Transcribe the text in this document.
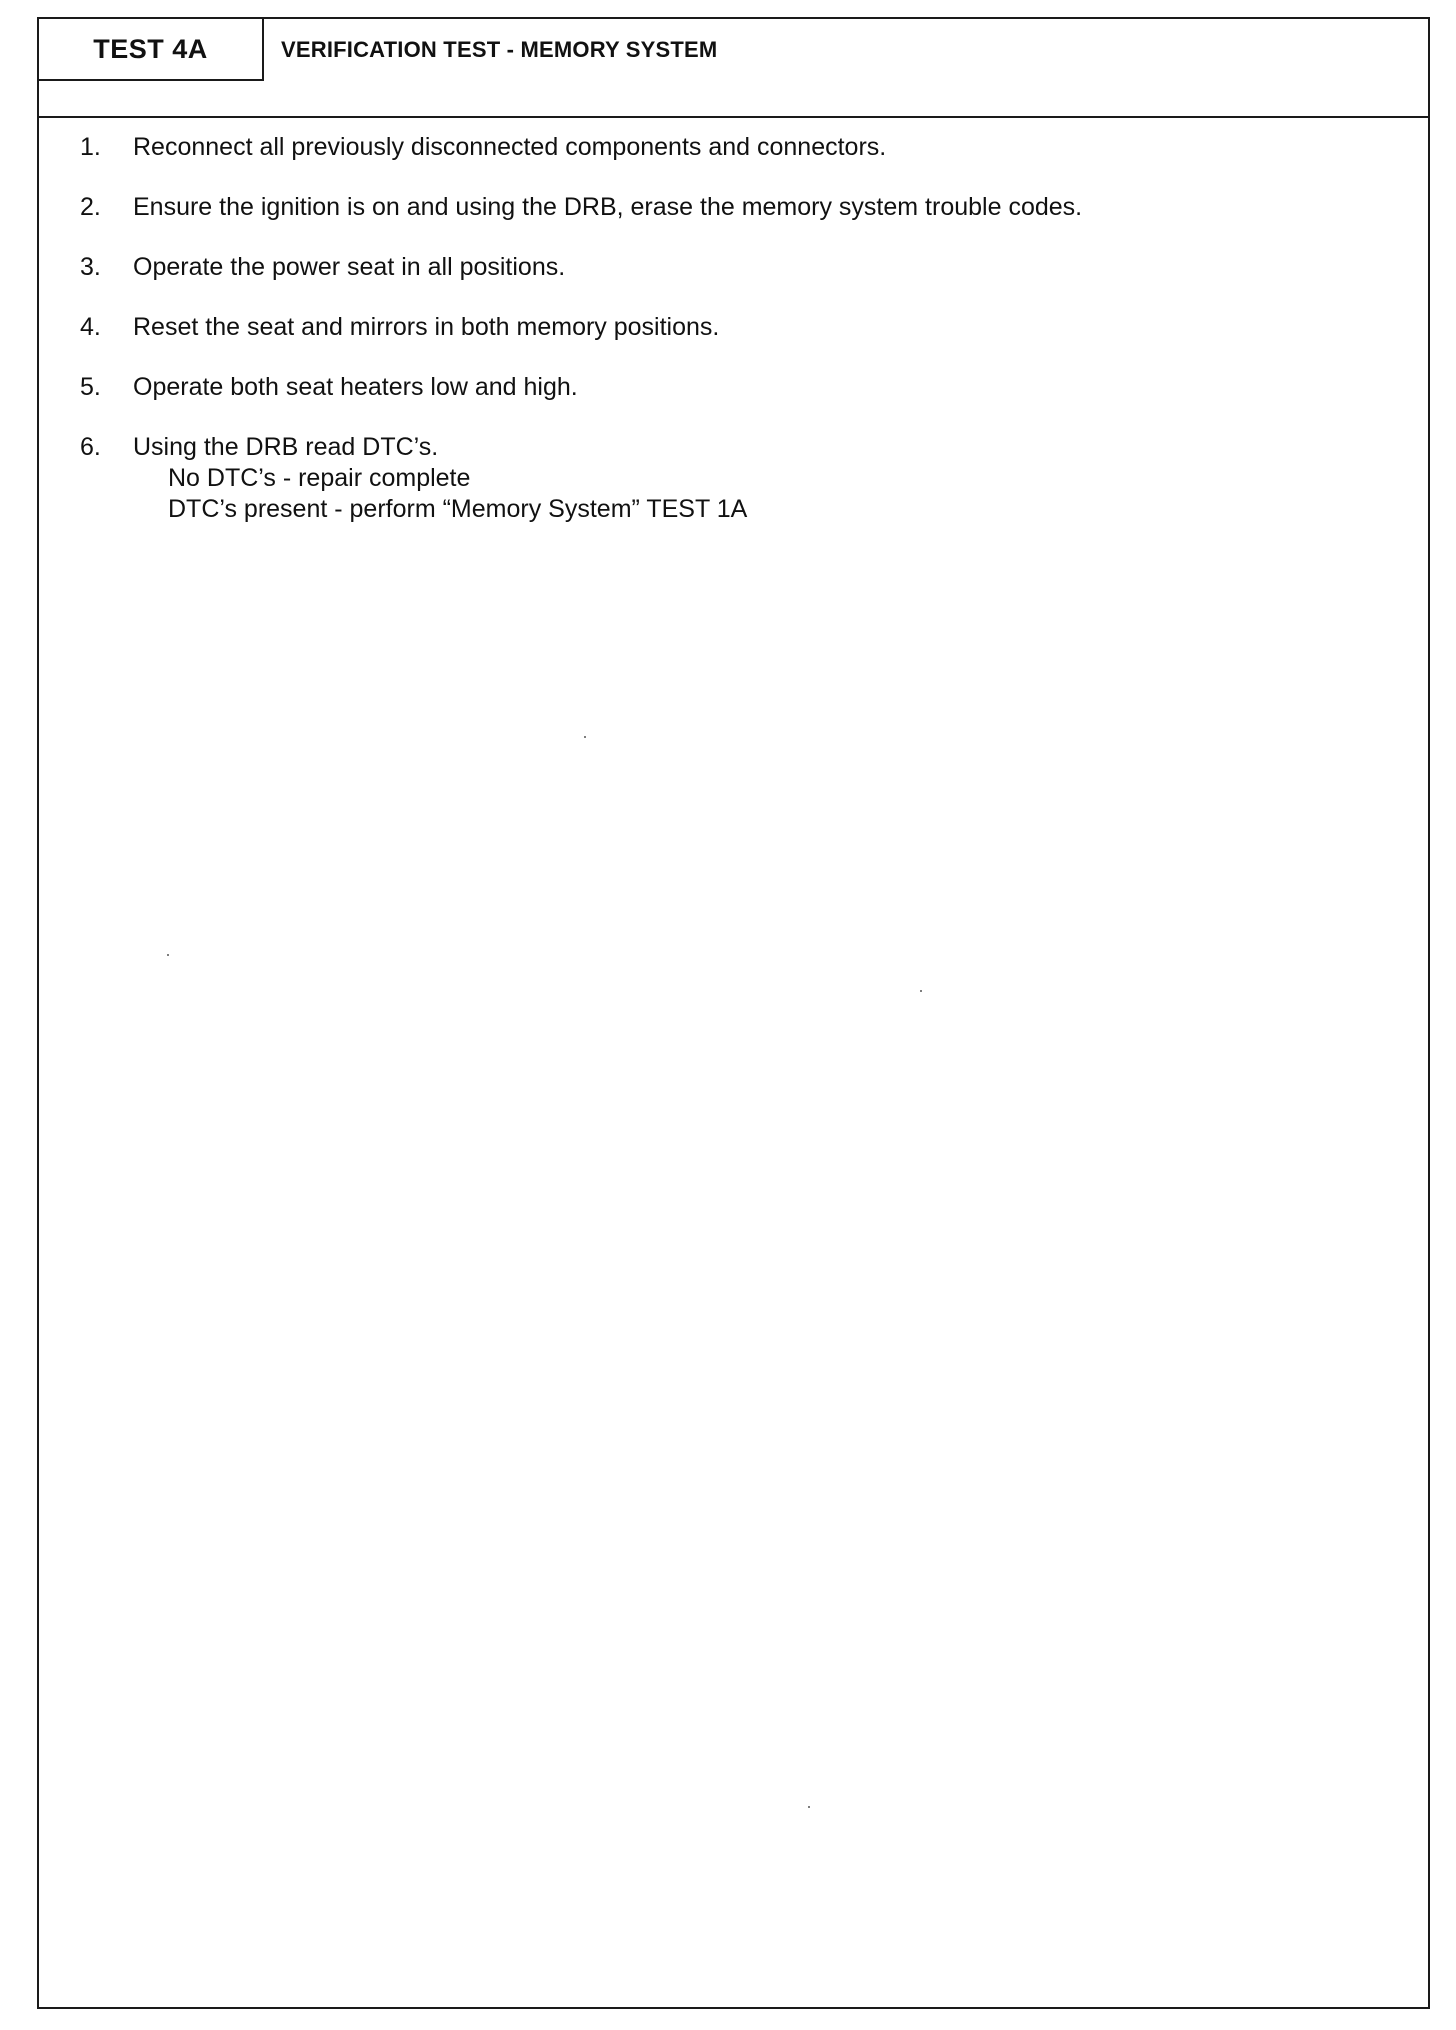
TEST 4A	VERIFICATION TEST - MEMORY SYSTEM
1.	Reconnect all previously disconnected components and connectors.
2.	Ensure the ignition is on and using the DRB, erase the memory system trouble codes.
3.	Operate the power seat in all positions.
4.	Reset the seat and mirrors in both memory positions.
5.	Operate both seat heaters low and high.
6.	Using the DRB read DTC’s.
No DTC’s - repair complete
DTC’s present - perform “Memory System” TEST 1A
